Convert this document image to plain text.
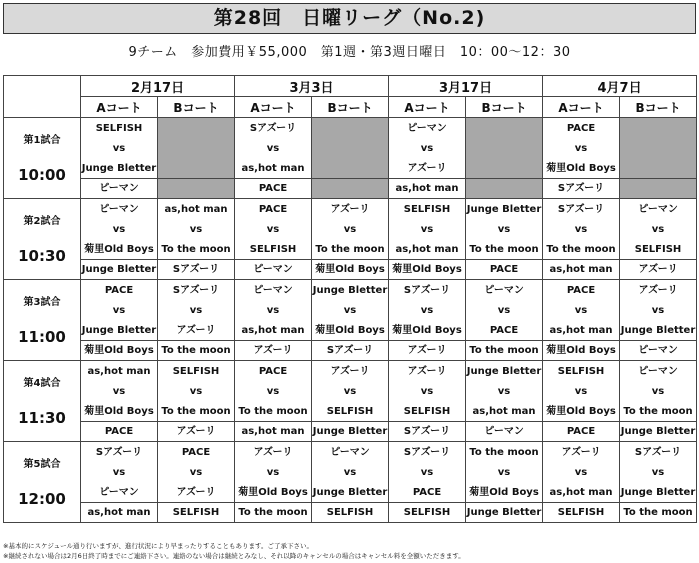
第28回　日曜リーグ（No.2)
9チーム　参加費用￥55,000　第1週・第3週日曜日　10：00〜12：30
	2月17日		3月3日		3月17日		4月7日	
	Aコート	Bコート	Aコート	Bコート	Aコート	Bコート	Aコート	Bコート

第1試合
10:00	SELFISH		Sアズーリ		ピーマン		PACE	
	vs		vs		vs		vs	
	Junge Bletter		as,hot man		アズーリ		菊里Old Boys	
	ピーマン		PACE		as,hot man		Sアズーリ	

第2試合
10:30	ピーマン	as,hot man	PACE	アズーリ	SELFISH	Junge Bletter	Sアズーリ	ピーマン
	vs	vs	vs	vs	vs	vs	vs	vs
	菊里Old Boys	To the moon	SELFISH	To the moon	as,hot man	To the moon	To the moon	SELFISH
	Junge Bletter	Sアズーリ	ピーマン	菊里Old Boys	菊里Old Boys	PACE	as,hot man	アズーリ

第3試合
11:00	PACE	Sアズーリ	ピーマン	Junge Bletter	Sアズーリ	ピーマン	PACE	アズーリ
	vs	vs	vs	vs	vs	vs	vs	vs
	Junge Bletter	アズーリ	as,hot man	菊里Old Boys	菊里Old Boys	PACE	as,hot man	Junge Bletter
	菊里Old Boys	To the moon	アズーリ	Sアズーリ	アズーリ	To the moon	菊里Old Boys	ピーマン

第4試合
11:30	as,hot man	SELFISH	PACE	アズーリ	アズーリ	Junge Bletter	SELFISH	ピーマン
	vs	vs	vs	vs	vs	vs	vs	vs
	菊里Old Boys	To the moon	To the moon	SELFISH	SELFISH	as,hot man	菊里Old Boys	To the moon
	PACE	アズーリ	as,hot man	Junge Bletter	Sアズーリ	ピーマン	PACE	Junge Bletter

第5試合
12:00	Sアズーリ	PACE	アズーリ	ピーマン	Sアズーリ	To the moon	アズーリ	Sアズーリ
	vs	vs	vs	vs	vs	vs	vs	vs
	ピーマン	アズーリ	菊里Old Boys	Junge Bletter	PACE	菊里Old Boys	as,hot man	Junge Bletter
	as,hot man	SELFISH	To the moon	SELFISH	SELFISH	Junge Bletter	SELFISH	To the moon
※基本的にスケジュール通り行いますが、進行状況により早まったりすることもあります。ご了承下さい。
※継続されない場合は2月6日終了時までにご連絡下さい。連絡のない場合は継続とみなし、それ以降のキャンセルの場合はキャンセル料を全額いただきます。
